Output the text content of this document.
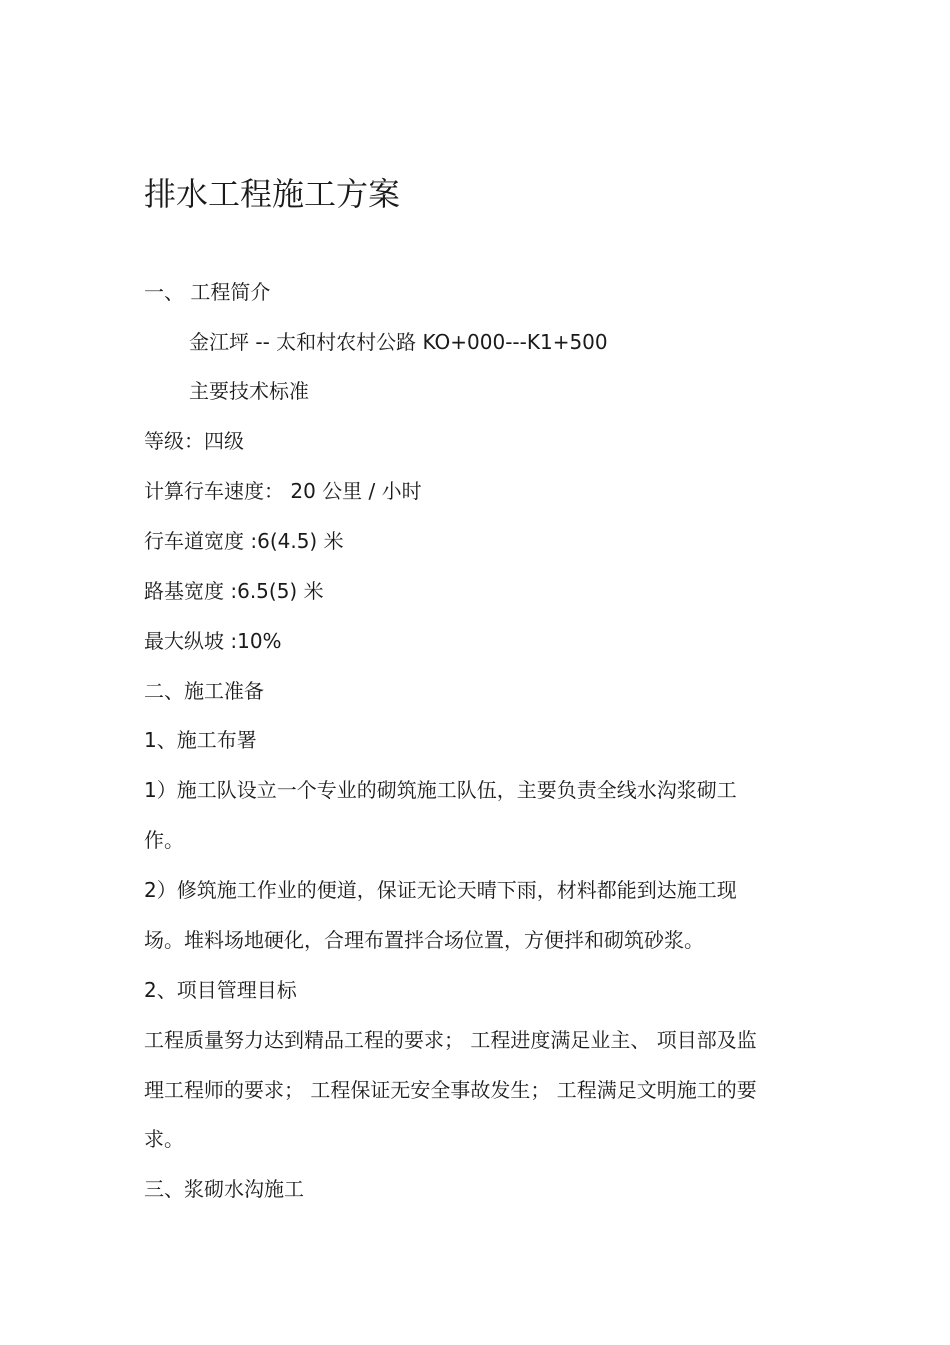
排水工程施工方案

一、 工程简介

金江坪 -- 太和村农村公路 KO+000---K1+500

主要技术标准

等级：四级

计算行车速度： 20 公里 / 小时

行车道宽度 :6(4.5) 米

路基宽度 :6.5(5) 米

最大纵坡 :10%

二、施工准备

1、施工布署

1）施工队设立一个专业的砌筑施工队伍，主要负责全线水沟浆砌工

作。

2）修筑施工作业的便道，保证无论天晴下雨，材料都能到达施工现

场。堆料场地硬化，合理布置拌合场位置，方便拌和砌筑砂浆。

2、项目管理目标

工程质量努力达到精品工程的要求； 工程进度满足业主、 项目部及监

理工程师的要求； 工程保证无安全事故发生； 工程满足文明施工的要

求。

三、浆砌水沟施工
